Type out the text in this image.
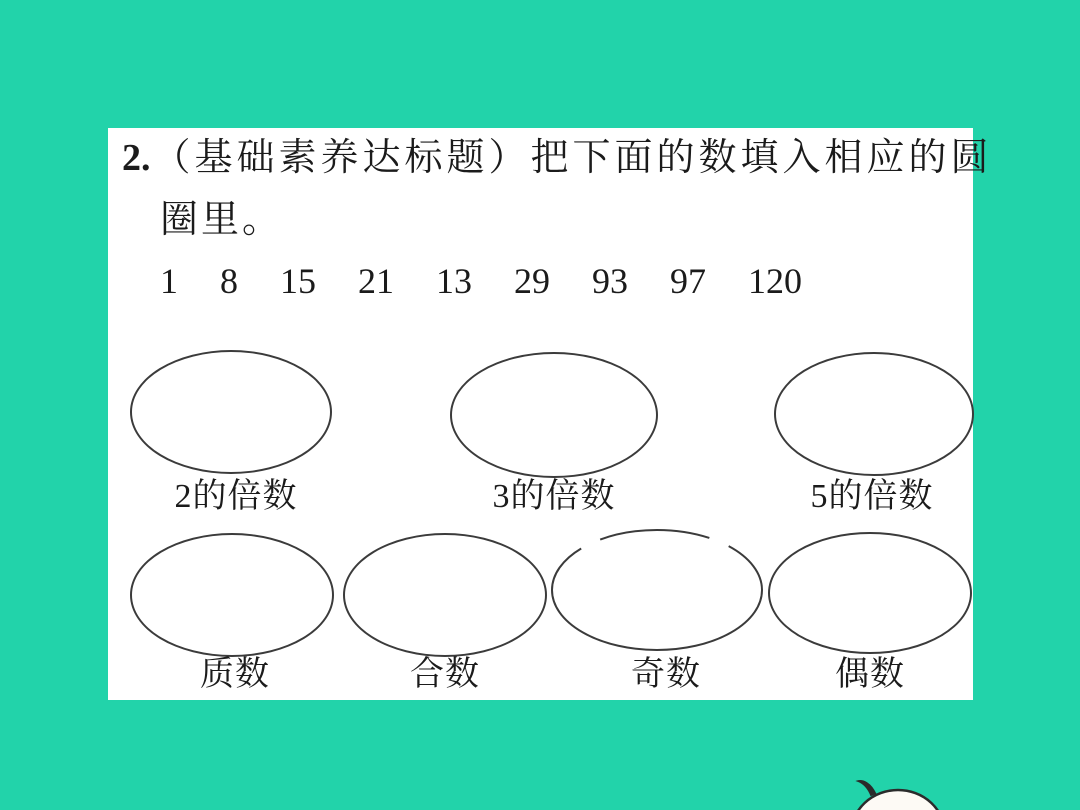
2.（基础素养达标题）把下面的数填入相应的圆
圈里。
1 8 15 21 13 29 93 97 120
2的倍数	3的倍数	5的倍数
质数	合数	奇数	偶数
